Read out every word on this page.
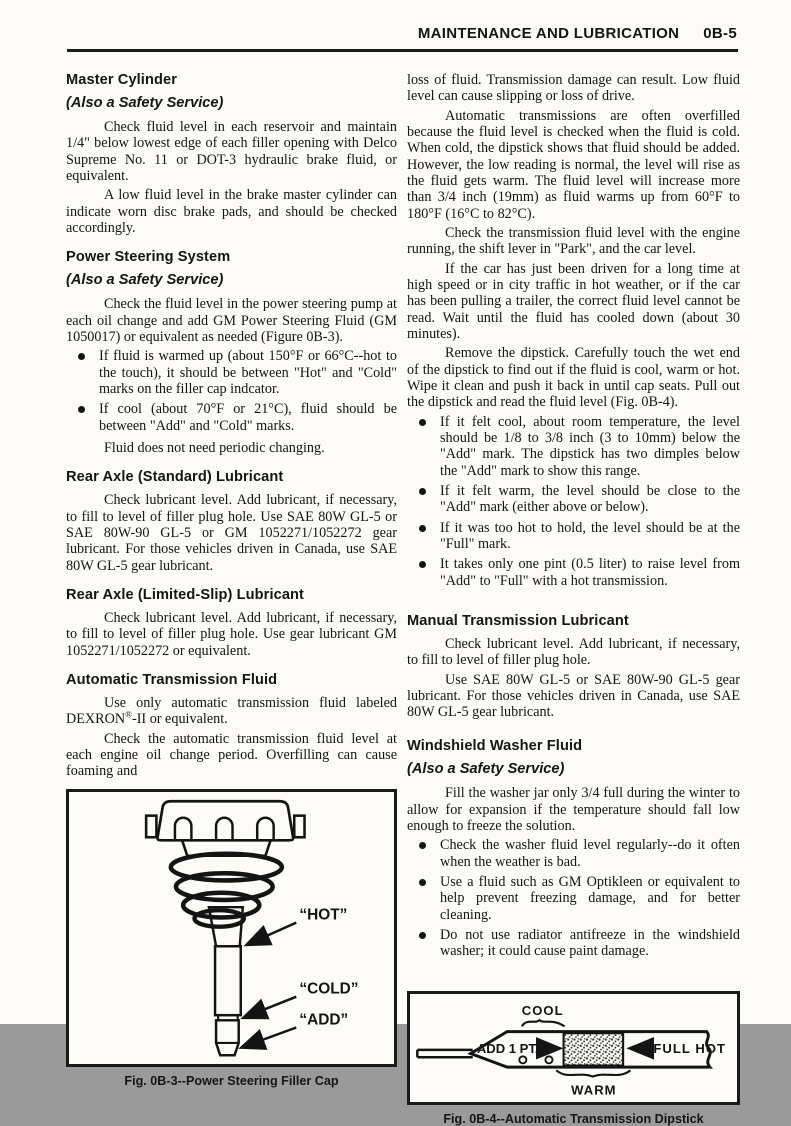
MAINTENANCE AND LUBRICATION 0B-5
Master Cylinder
(Also a Safety Service)

Check fluid level in each reservoir and maintain 1/4" below lowest edge of each filler opening with Delco Supreme No. 11 or DOT-3 hydraulic brake fluid, or equivalent.

A low fluid level in the brake master cylinder can indicate worn disc brake pads, and should be checked accordingly.

Power Steering System
(Also a Safety Service)

Check the fluid level in the power steering pump at each oil change and add GM Power Steering Fluid (GM 1050017) or equivalent as needed (Figure 0B-3).

If fluid is warmed up (about 150°F or 66°C--hot to the touch), it should be between "Hot" and "Cold" marks on the filler cap indcator.
If cool (about 70°F or 21°C), fluid should be between "Add" and "Cold" marks.

Fluid does not need periodic changing.

Rear Axle (Standard) Lubricant

Check lubricant level. Add lubricant, if necessary, to fill to level of filler plug hole. Use SAE 80W GL-5 or SAE 80W-90 GL-5 or GM 1052271/1052272 gear lubricant. For those vehicles driven in Canada, use SAE 80W GL-5 gear lubricant.

Rear Axle (Limited-Slip) Lubricant

Check lubricant level. Add lubricant, if necessary, to fill to level of filler plug hole. Use gear lubricant GM 1052271/1052272 or equivalent.

Automatic Transmission Fluid

Use only automatic transmission fluid labeled DEXRON®-II or equivalent.

Check the automatic transmission fluid level at each engine oil change period. Overfilling can cause foaming and

“HOT”
“COLD”
“ADD”
Fig. 0B-3--Power Steering Filler Cap

loss of fluid. Transmission damage can result. Low fluid level can cause slipping or loss of drive.

Automatic transmissions are often overfilled because the fluid level is checked when the fluid is cold. When cold, the dipstick shows that fluid should be added. However, the low reading is normal, the level will rise as the fluid gets warm. The fluid level will increase more than 3/4 inch (19mm) as fluid warms up from 60°F to 180°F (16°C to 82°C).

Check the transmission fluid level with the engine running, the shift lever in "Park", and the car level.

If the car has just been driven for a long time at high speed or in city traffic in hot weather, or if the car has been pulling a trailer, the correct fluid level cannot be read. Wait until the fluid has cooled down (about 30 minutes).

Remove the dipstick. Carefully touch the wet end of the dipstick to find out if the fluid is cool, warm or hot. Wipe it clean and push it back in until cap seats. Pull out the dipstick and read the fluid level (Fig. 0B-4).

If it felt cool, about room temperature, the level should be 1/8 to 3/8 inch (3 to 10mm) below the "Add" mark. The dipstick has two dimples below the "Add" mark to show this range.
If it felt warm, the level should be close to the "Add" mark (either above or below).
If it was too hot to hold, the level should be at the "Full" mark.
It takes only one pint (0.5 liter) to raise level from "Add" to "Full" with a hot transmission.
Manual Transmission Lubricant

Check lubricant level. Add lubricant, if necessary, to fill to level of filler plug hole.

Use SAE 80W GL-5 or SAE 80W-90 GL-5 gear lubricant. For those vehicles driven in Canada, use SAE 80W GL-5 gear lubricant.

Windshield Washer Fluid
(Also a Safety Service)

Fill the washer jar only 3/4 full during the winter to allow for expansion if the temperature should fall low enough to freeze the solution.

Check the washer fluid level regularly--do it often when the weather is bad.
Use a fluid such as GM Optikleen or equivalent to help prevent freezing damage, and for better cleaning.
Do not use radiator antifreeze in the windshield washer; it could cause paint damage.
COOL
ADD 1 PT.	FULL HOT
WARM
Fig. 0B-4--Automatic Transmission Dipstick
